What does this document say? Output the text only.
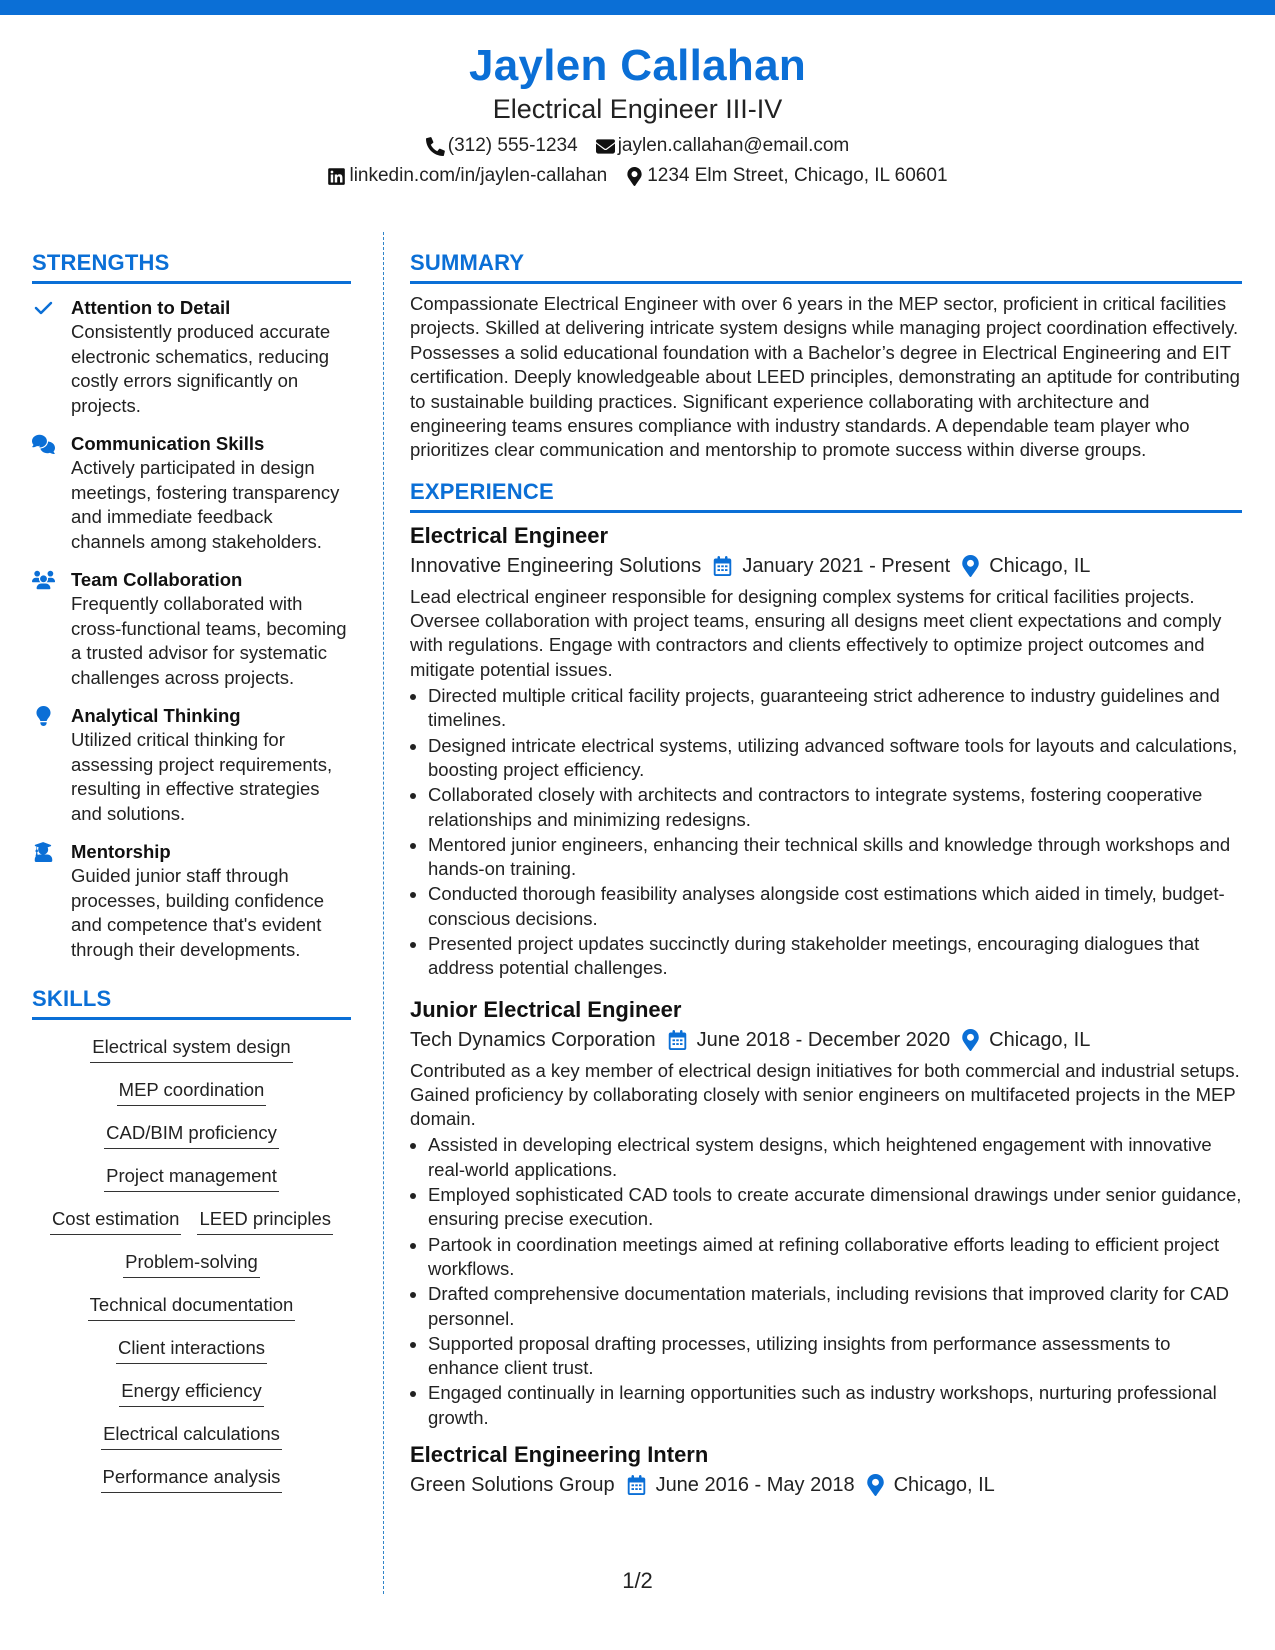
Jaylen Callahan
Electrical Engineer III-IV
(312) 555-1234 jaylen.callahan@email.com
linkedin.com/in/jaylen-callahan 1234 Elm Street, Chicago, IL 60601
STRENGTHS
Attention to Detail
Consistently produced accurate electronic schematics, reducing costly errors significantly on projects.
Communication Skills
Actively participated in design meetings, fostering transparency and immediate feedback channels among stakeholders.
Team Collaboration
Frequently collaborated with cross-functional teams, becoming a trusted advisor for systematic challenges across projects.
Analytical Thinking
Utilized critical thinking for assessing project requirements, resulting in effective strategies and solutions.
Mentorship
Guided junior staff through processes, building confidence and competence that's evident through their developments.
SKILLS
Electrical system design
MEP coordination
CAD/BIM proficiency
Project management
Cost estimation LEED principles
Problem-solving
Technical documentation
Client interactions
Energy efficiency
Electrical calculations
Performance analysis
SUMMARY

Compassionate Electrical Engineer with over 6 years in the MEP sector, proficient in critical facilities projects. Skilled at delivering intricate system designs while managing project coordination effectively. Possesses a solid educational foundation with a Bachelor’s degree in Electrical Engineering and EIT certification. Deeply knowledgeable about LEED principles, demonstrating an aptitude for contributing to sustainable building practices. Significant experience collaborating with architecture and engineering teams ensures compliance with industry standards. A dependable team player who prioritizes clear communication and mentorship to promote success within diverse groups.

EXPERIENCE
Electrical Engineer
Innovative Engineering Solutions January 2021 - Present Chicago, IL
Lead electrical engineer responsible for designing complex systems for critical facilities projects. Oversee collaboration with project teams, ensuring all designs meet client expectations and comply with regulations. Engage with contractors and clients effectively to optimize project outcomes and mitigate potential issues.
• Directed multiple critical facility projects, guaranteeing strict adherence to industry guidelines and timelines.
• Designed intricate electrical systems, utilizing advanced software tools for layouts and calculations, boosting project efficiency.
• Collaborated closely with architects and contractors to integrate systems, fostering cooperative relationships and minimizing redesigns.
• Mentored junior engineers, enhancing their technical skills and knowledge through workshops and hands-on training.
• Conducted thorough feasibility analyses alongside cost estimations which aided in timely, budget-conscious decisions.
• Presented project updates succinctly during stakeholder meetings, encouraging dialogues that address potential challenges.
Junior Electrical Engineer
Tech Dynamics Corporation June 2018 - December 2020 Chicago, IL
Contributed as a key member of electrical design initiatives for both commercial and industrial setups. Gained proficiency by collaborating closely with senior engineers on multifaceted projects in the MEP domain.
• Assisted in developing electrical system designs, which heightened engagement with innovative real-world applications.
• Employed sophisticated CAD tools to create accurate dimensional drawings under senior guidance, ensuring precise execution.
• Partook in coordination meetings aimed at refining collaborative efforts leading to efficient project workflows.
• Drafted comprehensive documentation materials, including revisions that improved clarity for CAD personnel.
• Supported proposal drafting processes, utilizing insights from performance assessments to enhance client trust.
• Engaged continually in learning opportunities such as industry workshops, nurturing professional growth.
Electrical Engineering Intern
Green Solutions Group June 2016 - May 2018 Chicago, IL
1/2
